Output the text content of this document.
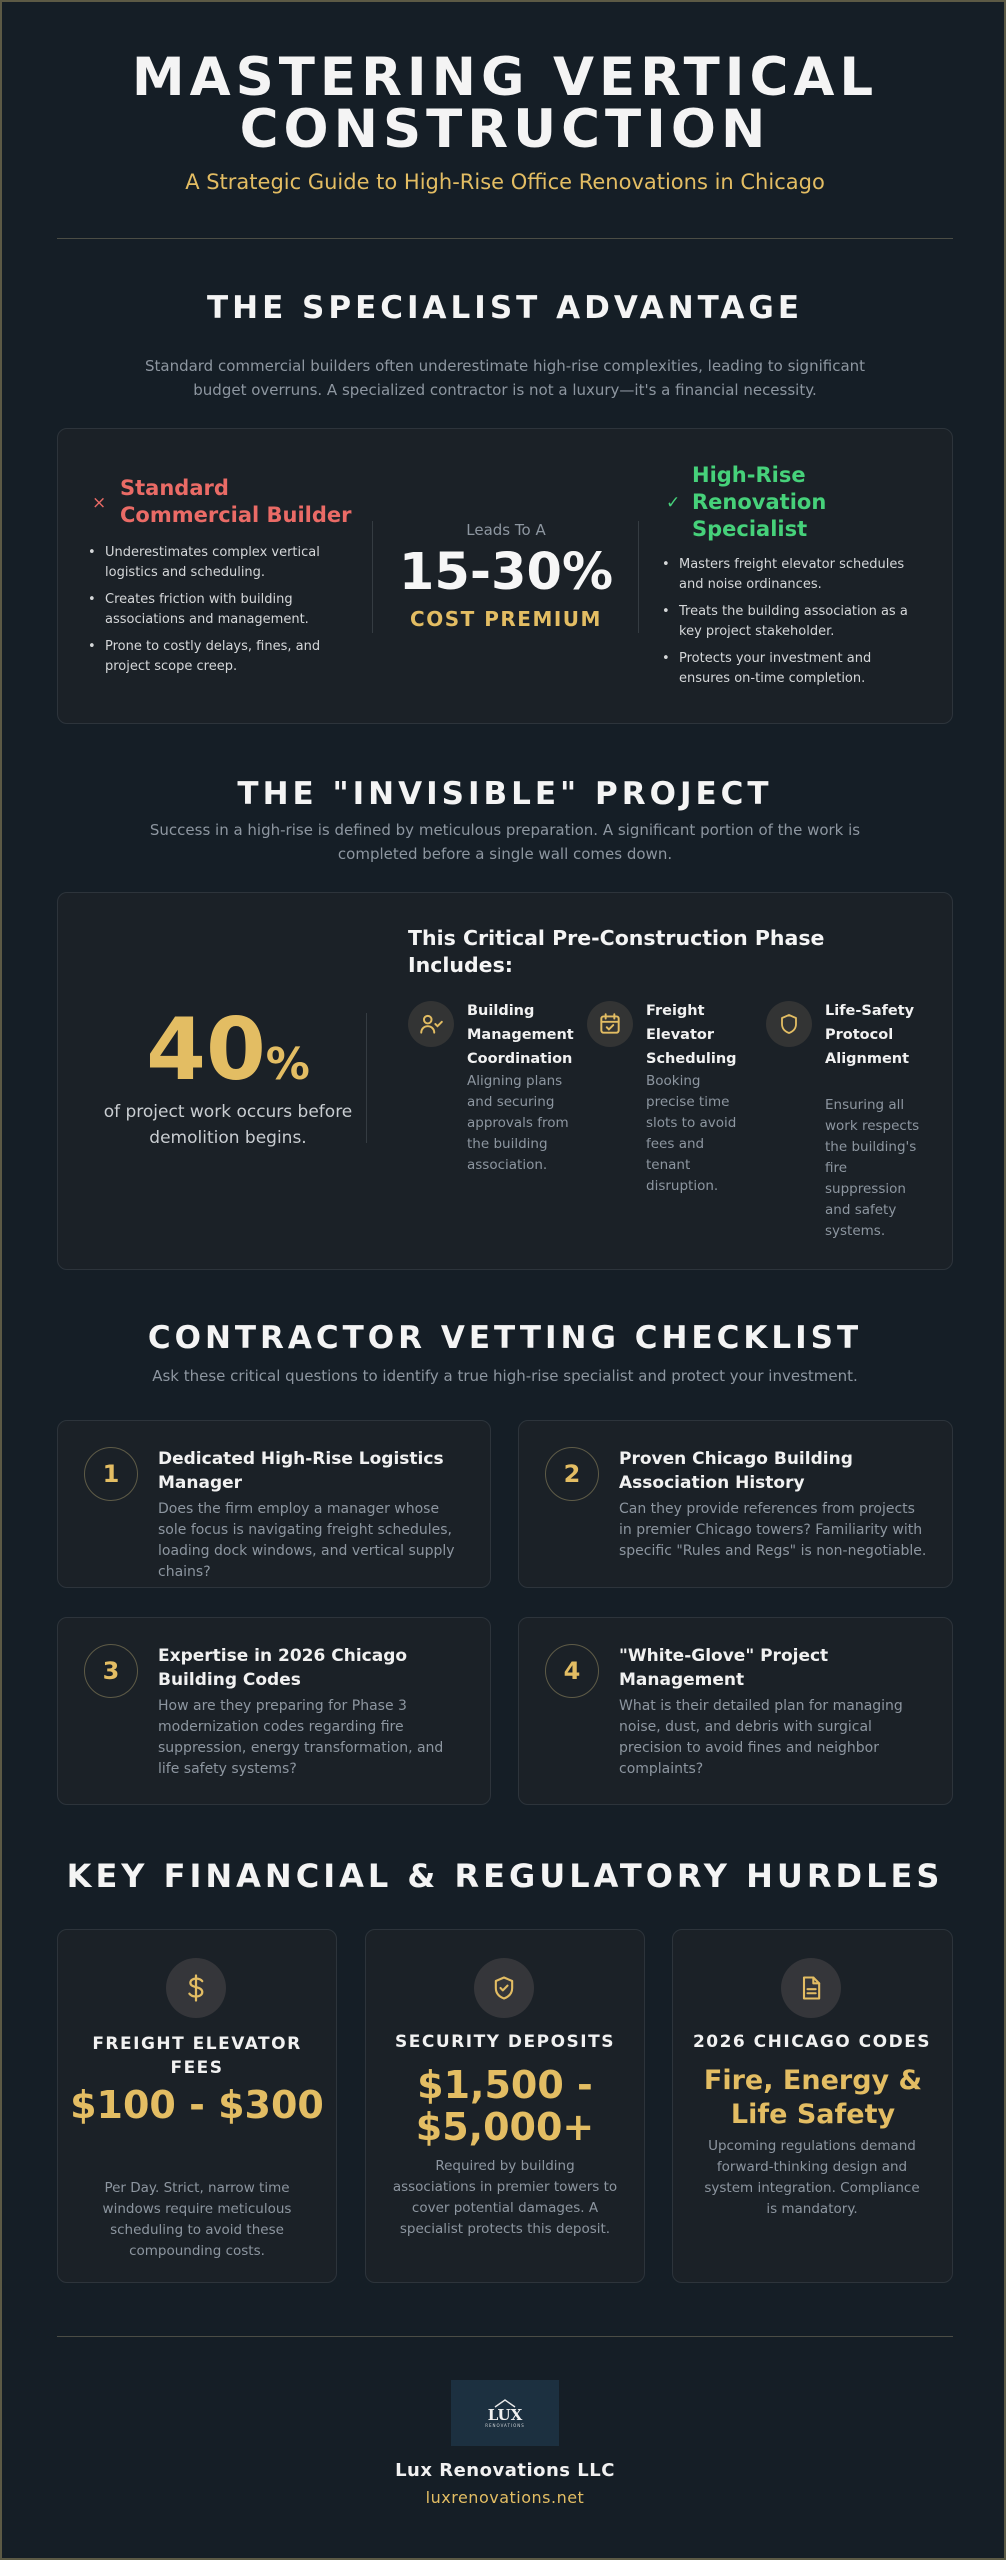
MASTERING VERTICAL
CONSTRUCTION
A Strategic Guide to High-Rise Office Renovations in Chicago
THE SPECIALIST ADVANTAGE
Standard commercial builders often underestimate high-rise complexities, leading to significant budget overruns. A specialized contractor is not a luxury—it's a financial necessity.
×
Standard Commercial Builder
• Underestimates complex vertical logistics and scheduling.
• Creates friction with building associations and management.
• Prone to costly delays, fines, and project scope creep.
Leads To A
15-30%
COST PREMIUM
✓
High-Rise Renovation Specialist
• Masters freight elevator schedules and noise ordinances.
• Treats the building association as a key project stakeholder.
• Protects your investment and ensures on-time completion.
THE "INVISIBLE" PROJECT
Success in a high-rise is defined by meticulous preparation. A significant portion of the work is completed before a single wall comes down.
40%
of project work occurs before demolition begins.
This Critical Pre-Construction Phase Includes:
Building Management Coordination
Aligning plans and securing approvals from the building association.
Freight Elevator Scheduling
Booking precise time slots to avoid fees and tenant disruption.
Life-Safety Protocol Alignment
Ensuring all work respects the building's fire suppression and safety systems.
CONTRACTOR VETTING CHECKLIST
Ask these critical questions to identify a true high-rise specialist and protect your investment.
1
Dedicated High-Rise Logistics Manager
Does the firm employ a manager whose sole focus is navigating freight schedules, loading dock windows, and vertical supply chains?
2
Proven Chicago Building Association History
Can they provide references from projects in premier Chicago towers? Familiarity with specific "Rules and Regs" is non-negotiable.
3
Expertise in 2026 Chicago Building Codes
How are they preparing for Phase 3 modernization codes regarding fire suppression, energy transformation, and life safety systems?
4
"White-Glove" Project Management
What is their detailed plan for managing noise, dust, and debris with surgical precision to avoid fines and neighbor complaints?
KEY FINANCIAL & REGULATORY HURDLES
FREIGHT ELEVATOR FEES
$100 - $300
Per Day. Strict, narrow time windows require meticulous scheduling to avoid these compounding costs.
SECURITY DEPOSITS
$1,500 - $5,000+
Required by building associations in premier towers to cover potential damages. A specialist protects this deposit.
2026 CHICAGO CODES
Fire, Energy & Life Safety
Upcoming regulations demand forward-thinking design and system integration. Compliance is mandatory.
LUX
RENOVATIONS
Lux Renovations LLC
luxrenovations.net
